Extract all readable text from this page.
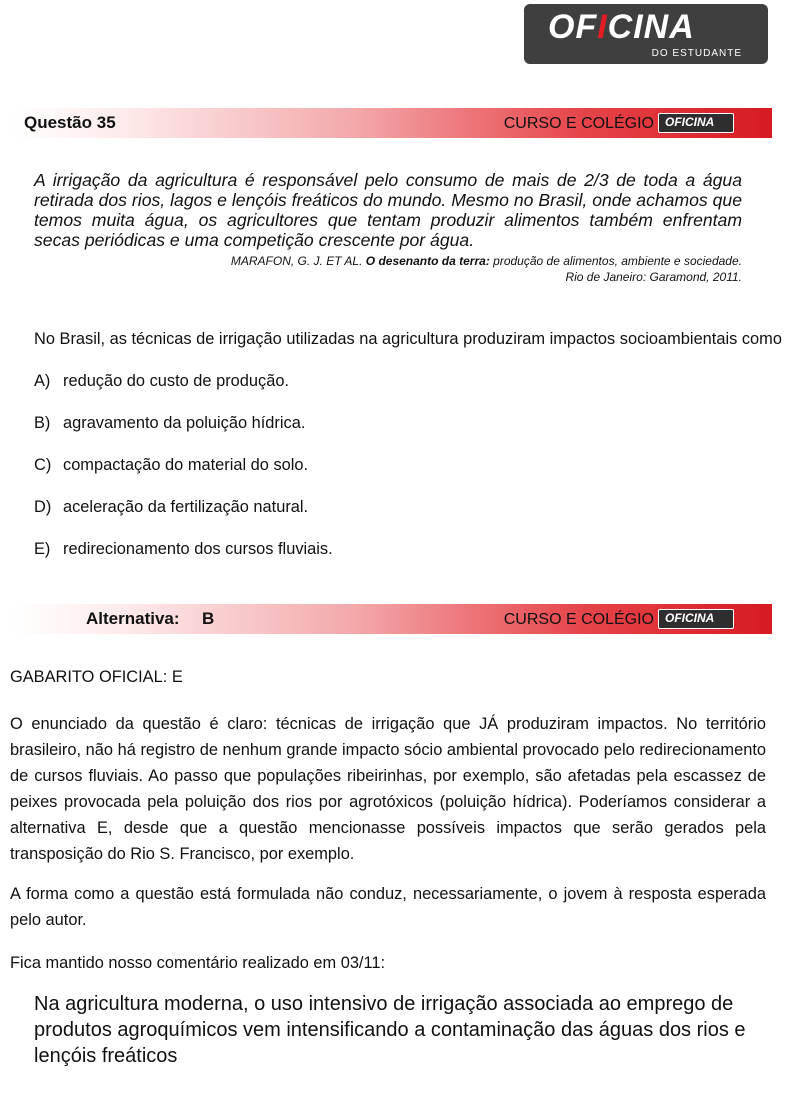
OFICINA
DO ESTUDANTE
Questão 35	CURSO E COLÉGIO OFICINA
A irrigação da agricultura é responsável pelo consumo de mais de 2/3 de toda a água retirada dos rios, lagos e lençóis freáticos do mundo. Mesmo no Brasil, onde achamos que temos muita água, os agricultores que tentam produzir alimentos também enfrentam secas periódicas e uma competição crescente por água.
MARAFON, G. J. ET AL. O desenanto da terra: produção de alimentos, ambiente e sociedade.
Rio de Janeiro: Garamond, 2011.
No Brasil, as técnicas de irrigação utilizadas na agricultura produziram impactos socioambientais como
A) redução do custo de produção.
B) agravamento da poluição hídrica.
C) compactação do material do solo.
D) aceleração da fertilização natural.
E) redirecionamento dos cursos fluviais.
Alternativa: B	CURSO E COLÉGIO OFICINA
GABARITO OFICIAL: E
O enunciado da questão é claro: técnicas de irrigação que JÁ produziram impactos. No território brasileiro, não há registro de nenhum grande impacto sócio ambiental provocado pelo redirecionamento de cursos fluviais. Ao passo que populações ribeirinhas, por exemplo, são afetadas pela escassez de peixes provocada pela poluição dos rios por agrotóxicos (poluição hídrica). Poderíamos considerar a alternativa E, desde que a questão mencionasse possíveis impactos que serão gerados pela transposição do Rio S. Francisco, por exemplo.
A forma como a questão está formulada não conduz, necessariamente, o jovem à resposta esperada pelo autor.
Fica mantido nosso comentário realizado em 03/11:
Na agricultura moderna, o uso intensivo de irrigação associada ao emprego de produtos agroquímicos vem intensificando a contaminação das águas dos rios e lençóis freáticos
